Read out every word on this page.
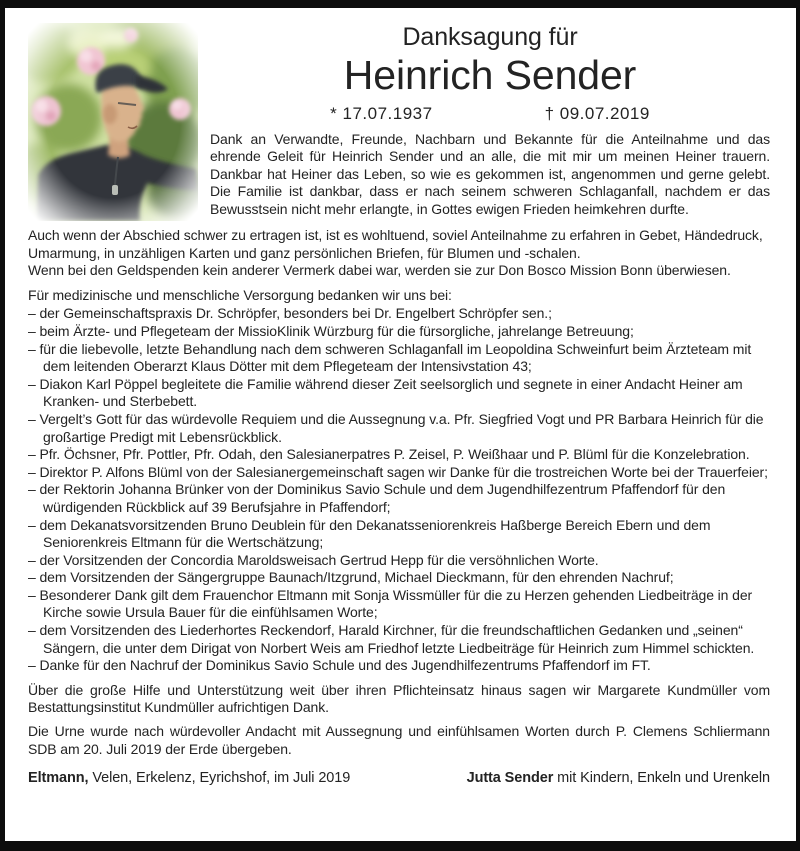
Danksagung für
Heinrich Sender
* 17.07.1937	† 09.07.2019

Dank an Verwandte, Freunde, Nachbarn und Bekannte für die Anteilnahme und das ehrende Geleit für Heinrich Sender und an alle, die mit mir um meinen Heiner trauern. Dankbar hat Heiner das Leben, so wie es gekommen ist, angenommen und gerne gelebt. Die Familie ist dankbar, dass er nach seinem schweren Schlaganfall, nachdem er das Bewusstsein nicht mehr erlangte, in Gottes ewigen Frieden heimkehren durfte.

Auch wenn der Abschied schwer zu ertragen ist, ist es wohltuend, soviel Anteilnahme zu erfahren in Gebet, Händedruck, Umarmung, in unzähligen Karten und ganz persönlichen Briefen, für Blumen und -schalen.

Wenn bei den Geldspenden kein anderer Vermerk dabei war, werden sie zur Don Bosco Mission Bonn überwiesen.

Für medizinische und menschliche Versorgung bedanken wir uns bei:

– der Gemeinschaftspraxis Dr. Schröpfer, besonders bei Dr. Engelbert Schröpfer sen.;
– beim Ärzte- und Pflegeteam der MissioKlinik Würzburg für die fürsorgliche, jahrelange Betreuung;
– für die liebevolle, letzte Behandlung nach dem schweren Schlaganfall im Leopoldina Schweinfurt beim Ärzteteam mit dem leitenden Oberarzt Klaus Dötter mit dem Pflegeteam der Intensivstation 43;
– Diakon Karl Pöppel begleitete die Familie während dieser Zeit seelsorglich und segnete in einer Andacht Heiner am Kranken- und Sterbebett.
– Vergelt’s Gott für das würdevolle Requiem und die Aussegnung v.a. Pfr. Siegfried Vogt und PR Barbara Heinrich für die großartige Predigt mit Lebensrückblick.
– Pfr. Öchsner, Pfr. Pottler, Pfr. Odah, den Salesianerpatres P. Zeisel, P. Weißhaar und P. Blüml für die Konzelebration.
– Direktor P. Alfons Blüml von der Salesianergemeinschaft sagen wir Danke für die trostreichen Worte bei der Trauerfeier;
– der Rektorin Johanna Brünker von der Dominikus Savio Schule und dem Jugendhilfezentrum Pfaffendorf für den würdigenden Rückblick auf 39 Berufsjahre in Pfaffendorf;
– dem Dekanatsvorsitzenden Bruno Deublein für den Dekanatsseniorenkreis Haßberge Bereich Ebern und dem Seniorenkreis Eltmann für die Wertschätzung;
– der Vorsitzenden der Concordia Maroldsweisach Gertrud Hepp für die versöhnlichen Worte.
– dem Vorsitzenden der Sängergruppe Baunach/Itzgrund, Michael Dieckmann, für den ehrenden Nachruf;
– Besonderer Dank gilt dem Frauenchor Eltmann mit Sonja Wissmüller für die zu Herzen gehenden Liedbeiträge in der Kirche sowie Ursula Bauer für die einfühlsamen Worte;
– dem Vorsitzenden des Liederhortes Reckendorf, Harald Kirchner, für die freundschaftlichen Gedanken und „seinen“ Sängern, die unter dem Dirigat von Norbert Weis am Friedhof letzte Liedbeiträge für Heinrich zum Himmel schickten.
– Danke für den Nachruf der Dominikus Savio Schule und des Jugendhilfezentrums Pfaffendorf im FT.

Über die große Hilfe und Unterstützung weit über ihren Pflichteinsatz hinaus sagen wir Margarete Kundmüller vom Bestattungsinstitut Kundmüller aufrichtigen Dank.

Die Urne wurde nach würdevoller Andacht mit Aussegnung und einfühlsamen Worten durch P. Clemens Schliermann SDB am 20. Juli 2019 der Erde übergeben.

Eltmann, Velen, Erkelenz, Eyrichshof, im Juli 2019	Jutta Sender mit Kindern, Enkeln und Urenkeln
